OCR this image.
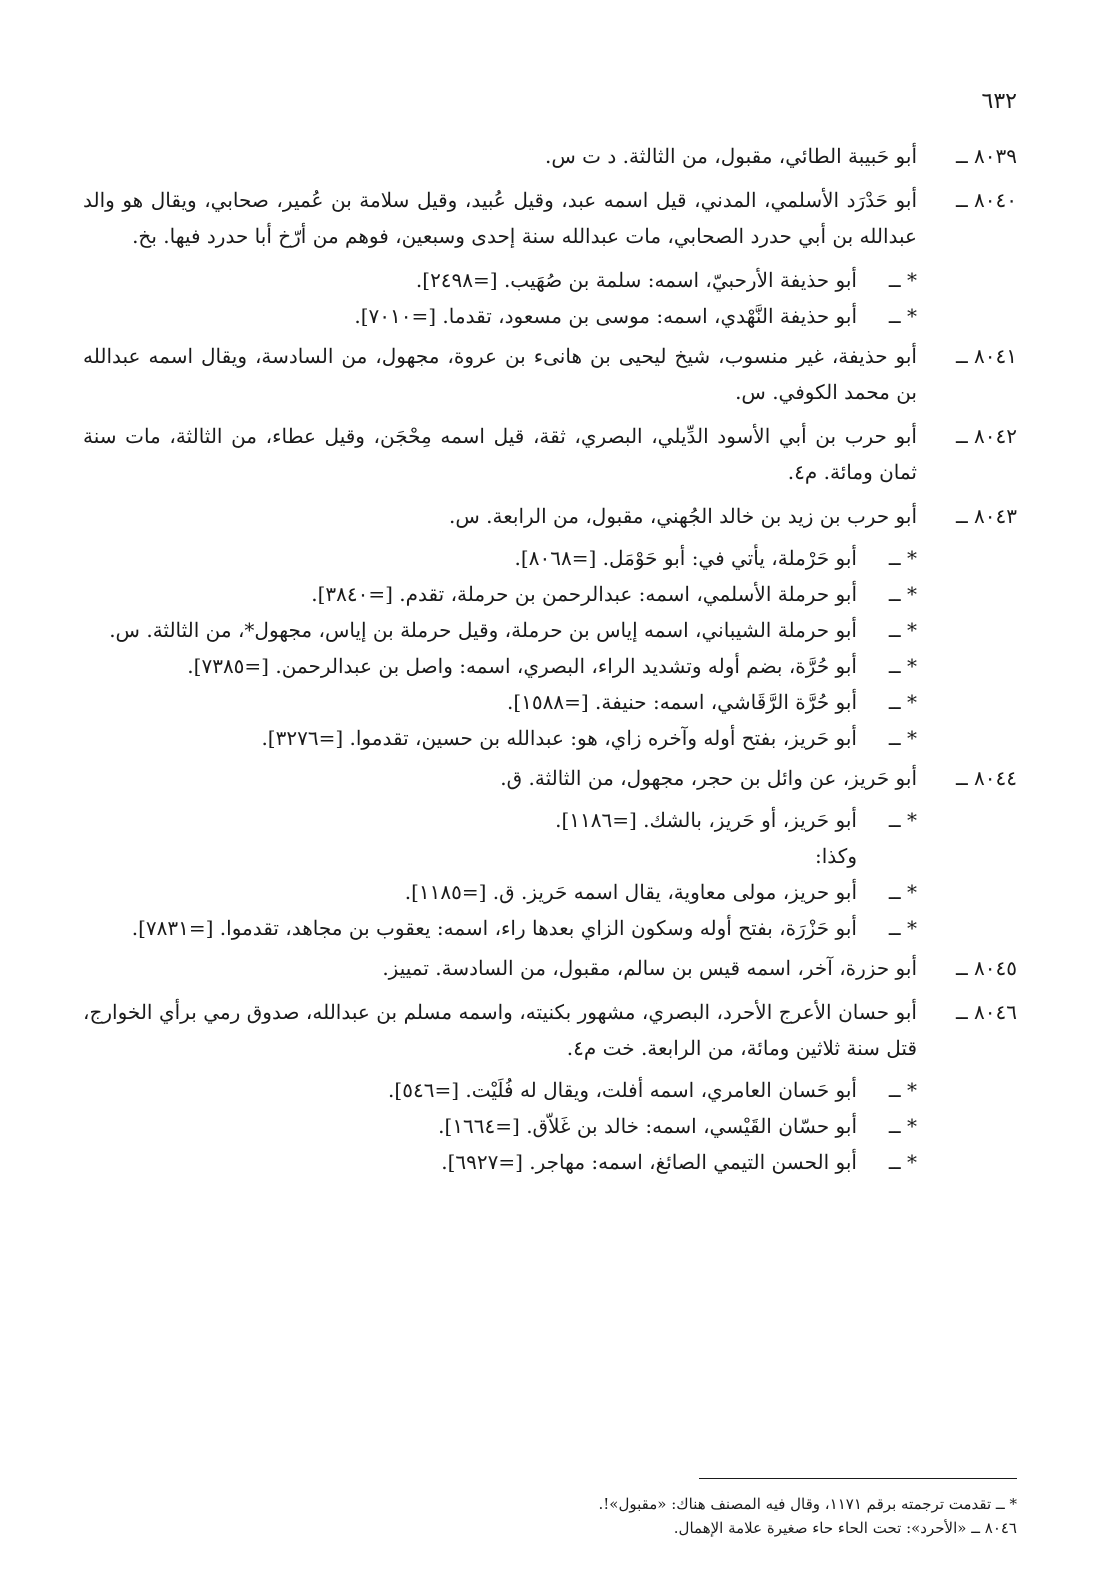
٦٣٢
٨٠٣٩ ــ
أبو حَبيبة الطائي، مقبول، من الثالثة. د ت س.
٨٠٤٠ ــ
أبو حَدْرَد الأسلمي، المدني، قيل اسمه عبد، وقيل عُبيد، وقيل سلامة بن عُمير، صحابي، ويقال هو والد عبدالله بن أبي حدرد الصحابي، مات عبدالله سنة إحدى وسبعين، فوهم من أرّخ أبا حدرد فيها. بخ.
* ــ
أبو حذيفة الأرحبيّ، اسمه: سلمة بن صُهَيب. [=٢٤٩٨].
* ــ
أبو حذيفة النَّهْدي، اسمه: موسى بن مسعود، تقدما. [=٧٠١٠].
٨٠٤١ ــ
أبو حذيفة، غير منسوب، شيخ ليحيى بن هانىء بن عروة، مجهول، من السادسة، ويقال اسمه عبدالله بن محمد الكوفي. س.
٨٠٤٢ ــ
أبو حرب بن أبي الأسود الدِّيلي، البصري، ثقة، قيل اسمه مِحْجَن، وقيل عطاء، من الثالثة، مات سنة ثمان ومائة. م٤.
٨٠٤٣ ــ
أبو حرب بن زيد بن خالد الجُهني، مقبول، من الرابعة. س.
* ــ
أبو حَرْملة، يأتي في: أبو حَوْمَل. [=٨٠٦٨].
* ــ
أبو حرملة الأسلمي، اسمه: عبدالرحمن بن حرملة، تقدم. [=٣٨٤٠].
* ــ
أبو حرملة الشيباني، اسمه إياس بن حرملة، وقيل حرملة بن إياس، مجهول*، من الثالثة. س.
* ــ
أبو حُرَّة، بضم أوله وتشديد الراء، البصري، اسمه: واصل بن عبدالرحمن. [=٧٣٨٥].
* ــ
أبو حُرَّة الرَّقَاشي، اسمه: حنيفة. [=١٥٨٨].
* ــ
أبو حَريز، بفتح أوله وآخره زاي، هو: عبدالله بن حسين، تقدموا. [=٣٢٧٦].
٨٠٤٤ ــ
أبو حَريز، عن وائل بن حجر، مجهول، من الثالثة. ق.
* ــ
أبو حَريز، أو حَريز، بالشك. [=١١٨٦].
وكذا:
* ــ
أبو حريز، مولى معاوية، يقال اسمه حَريز. ق. [=١١٨٥].
* ــ
أبو حَزْرَة، بفتح أوله وسكون الزاي بعدها راء، اسمه: يعقوب بن مجاهد، تقدموا. [=٧٨٣١].
٨٠٤٥ ــ
أبو حزرة، آخر، اسمه قيس بن سالم، مقبول، من السادسة. تمييز.
٨٠٤٦ ــ
أبو حسان الأعرج الأحرد، البصري، مشهور بكنيته، واسمه مسلم بن عبدالله، صدوق رمي برأي الخوارج، قتل سنة ثلاثين ومائة، من الرابعة. خت م٤.
* ــ
أبو حَسان العامري، اسمه أفلت، ويقال له فُلَيْت. [=٥٤٦].
* ــ
أبو حسّان القَيْسي، اسمه: خالد بن غَلاّق. [=١٦٦٤].
* ــ
أبو الحسن التيمي الصائغ، اسمه: مهاجر. [=٦٩٢٧].
* ــ تقدمت ترجمته برقم ١١٧١، وقال فيه المصنف هناك: «مقبول»!.
٨٠٤٦ ــ «الأحرد»: تحت الحاء حاء صغيرة علامة الإهمال.
